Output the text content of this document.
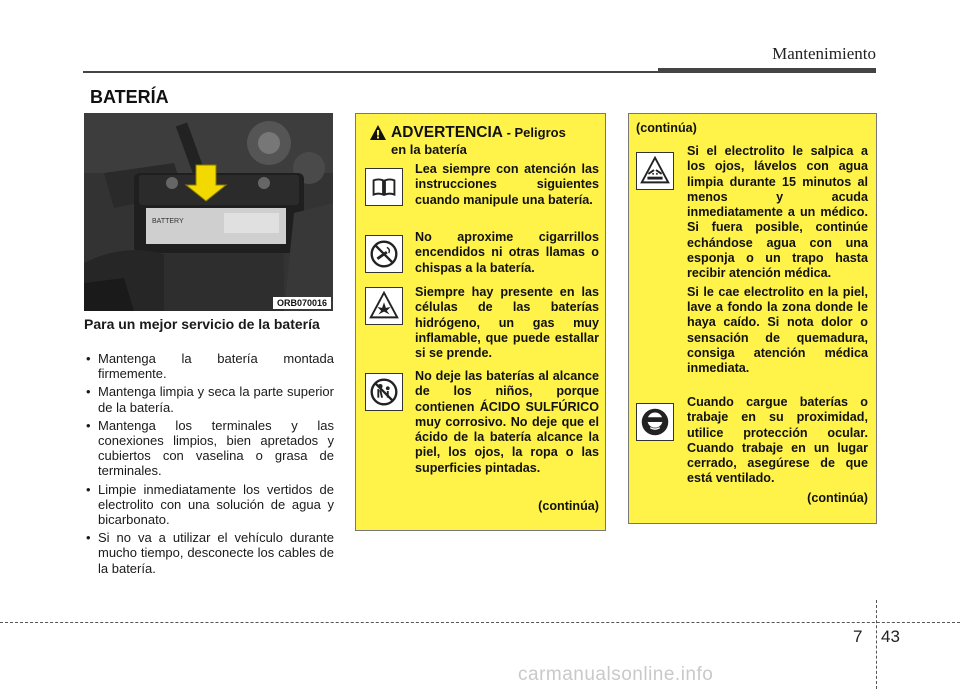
Mantenimiento
BATERÍA
BATTERY
ORB070016
Para un mejor servicio de la batería
• Mantenga la batería montada firmemente.
• Mantenga limpia y seca la parte superior de la batería.
• Mantenga los terminales y las conexiones limpios, bien apretados y cubiertos con vaselina o grasa de terminales.
• Limpie inmediatamente los vertidos de electrolito con una solución de agua y bicarbonato.
• Si no va a utilizar el vehículo durante mucho tiempo, desconecte los cables de la batería.
ADVERTENCIA - Peligros
en la batería
Lea siempre con atención las instrucciones siguientes cuando manipule una batería.
No aproxime cigarrillos encendidos ni otras llamas o chispas a la batería.
Siempre hay presente en las células de las baterías hidrógeno, un gas muy inflamable, que puede estallar si se prende.
No deje las baterías al alcance de los niños, porque contienen ÁCIDO SULFÚRICO muy corrosivo. No deje que el ácido de la batería alcance la piel, los ojos, la ropa o las superficies pintadas.
(continúa)
(continúa)

Si el electrolito le salpica a los ojos, lávelos con agua limpia durante 15 minutos al menos y acuda inmediatamente a un médico. Si fuera posible, continúe echándose agua con una esponja o un trapo hasta recibir atención médica.

Si le cae electrolito en la piel, lave a fondo la zona donde le haya caído. Si nota dolor o sensación de quemadura, consiga atención médica inmediata.

Cuando cargue baterías o trabaje en su proximidad, utilice protección ocular. Cuando trabaje en un lugar cerrado, asegúrese de que está ventilado.
(continúa)
7 43
carmanualsonline.info
